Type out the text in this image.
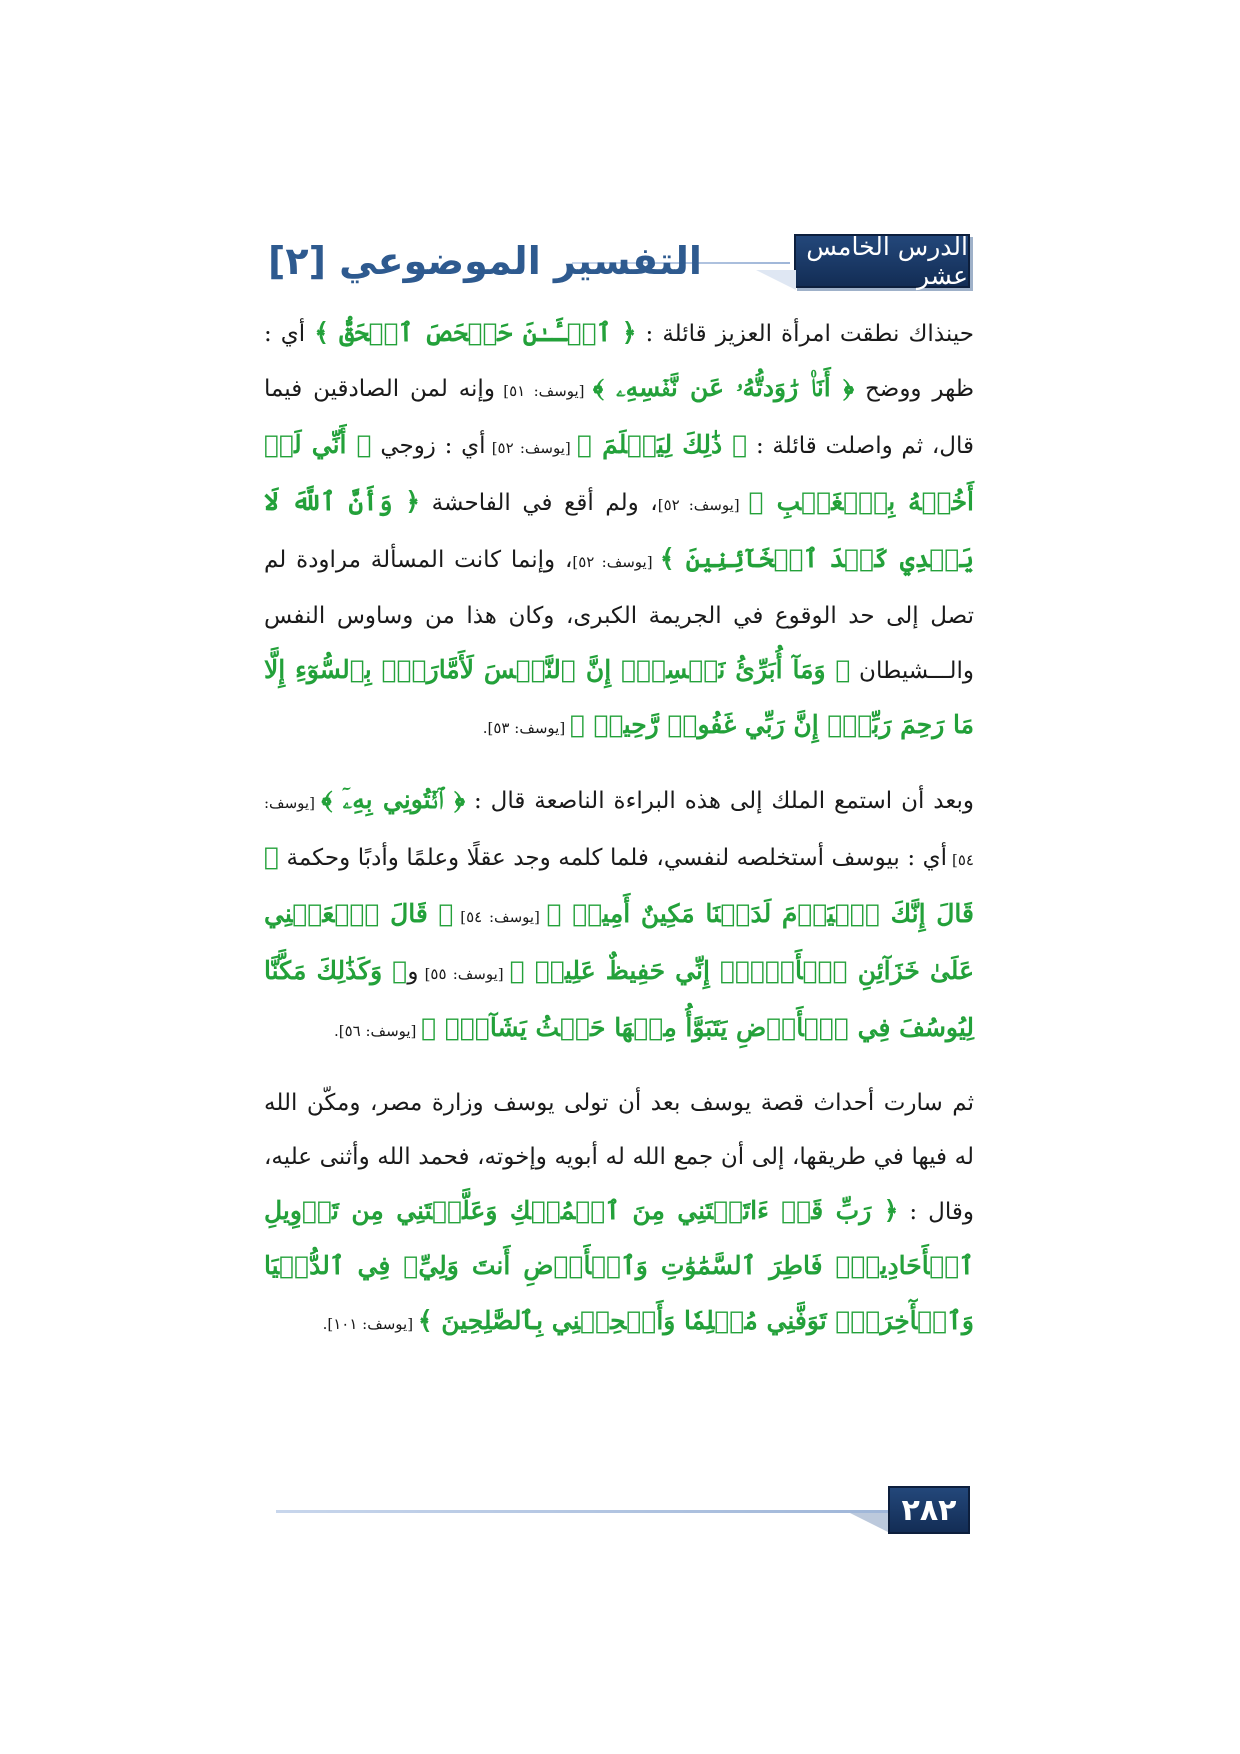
الدرس الخامس عشر
التفسير الموضوعي [٢]

حينذاك نطقت امرأة العزيز قائلة : ﴿ ٱلۡـَٔـٰنَ حَصۡحَصَ ٱلۡحَقُّ ﴾ أي : ظهر ووضح ﴿ أَنَا۠ رَٰوَدتُّهُۥ عَن نَّفۡسِهِۦ ﴾ [يوسف: ٥١] وإنه لمن الصادقين فيما قال، ثم واصلت قائلة : ﴿ ذَٰلِكَ لِيَعۡلَمَ ﴾ [يوسف: ٥٢] أي : زوجي ﴿ أَنِّي لَمۡ أَخُنۡهُ بِٱلۡغَيۡبِ ﴾ [يوسف: ٥٢]، ولم أقع في الفاحشة ﴿ وَأَنَّ ٱللَّهَ لَا يَهۡدِي كَيۡدَ ٱلۡخَآئِنِينَ ﴾ [يوسف: ٥٢]، وإنما كانت المسألة مراودة لم تصل إلى حد الوقوع في الجريمة الكبرى، وكان هذا من وساوس النفس والـــشيطان ﴿ وَمَآ أُبَرِّئُ نَفۡسِيٓۚ إِنَّ ٱلنَّفۡسَ لَأَمَّارَةُۢ بِٱلسُّوٓءِ إِلَّا مَا رَحِمَ رَبِّيٓۚ إِنَّ رَبِّي غَفُورٞ رَّحِيمٞ ﴾ [يوسف: ٥٣].

وبعد أن استمع الملك إلى هذه البراءة الناصعة قال : ﴿ ٱئۡتُونِي بِهِۦٓ ﴾ [يوسف: ٥٤] أي : بيوسف أستخلصه لنفسي، فلما كلمه وجد عقلًا وعلمًا وأدبًا وحكمة ﴿ قَالَ إِنَّكَ ٱلۡيَوۡمَ لَدَيۡنَا مَكِينٌ أَمِينٞ ﴾ [يوسف: ٥٤] ﴿ قَالَ ٱجۡعَلۡنِي عَلَىٰ خَزَآئِنِ ٱلۡأَرۡضِۖ إِنِّي حَفِيظٌ عَلِيمٞ ﴾ [يوسف: ٥٥] و﴿ وَكَذَٰلِكَ مَكَّنَّا لِيُوسُفَ فِي ٱلۡأَرۡضِ يَتَبَوَّأُ مِنۡهَا حَيۡثُ يَشَآءُۚ ﴾ [يوسف: ٥٦].

ثم سارت أحداث قصة يوسف بعد أن تولى يوسف وزارة مصر، ومكّن الله له فيها في طريقها، إلى أن جمع الله له أبويه وإخوته، فحمد الله وأثنى عليه، وقال : ﴿ رَبِّ قَدۡ ءَاتَيۡتَنِي مِنَ ٱلۡمُلۡكِ وَعَلَّمۡتَنِي مِن تَأۡوِيلِ ٱلۡأَحَادِيثِۚ فَاطِرَ ٱلسَّمَٰوَٰتِ وَٱلۡأَرۡضِ أَنتَ وَلِيِّۦ فِي ٱلدُّنۡيَا وَٱلۡأٓخِرَةِۖ تَوَفَّنِي مُسۡلِمٗا وَأَلۡحِقۡنِي بِٱلصَّٰلِحِينَ ﴾ [يوسف: ١٠١].

٢٨٢
